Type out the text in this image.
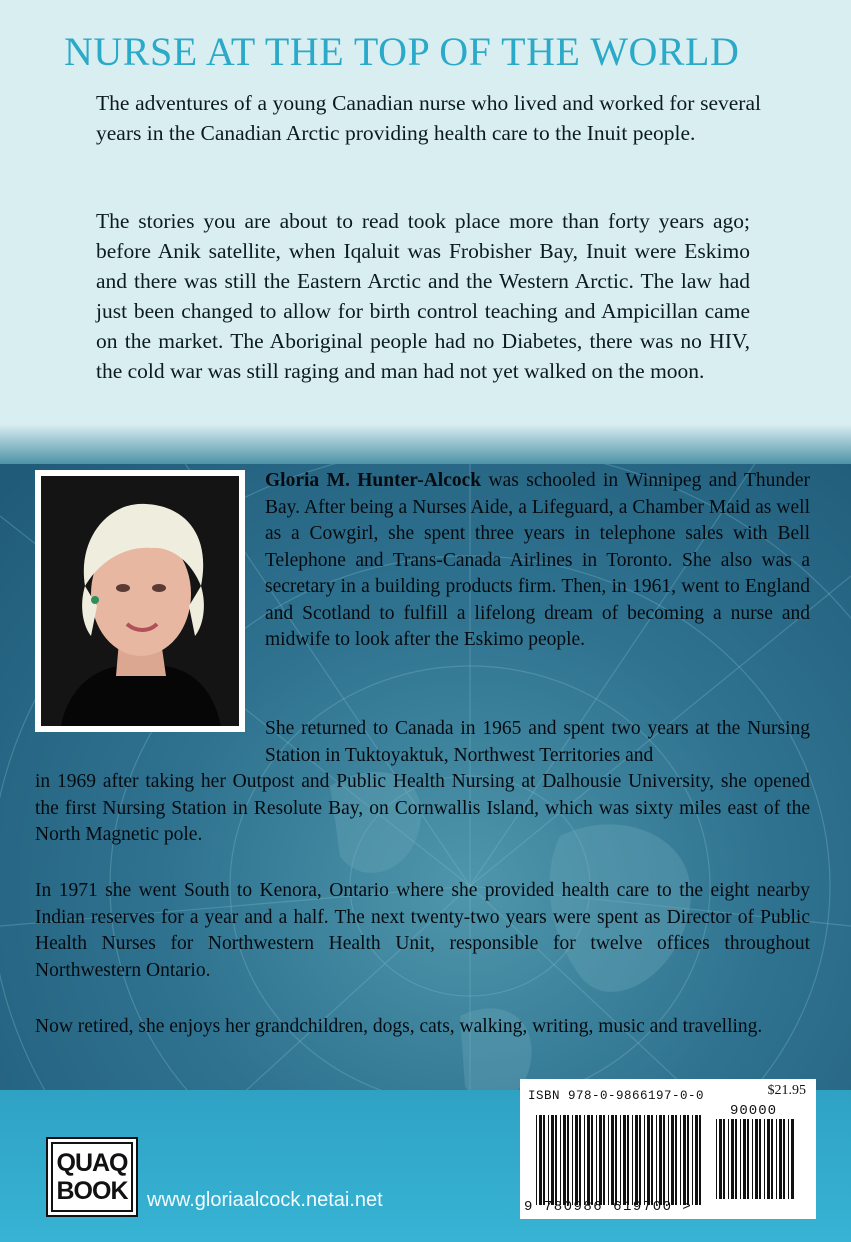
NURSE AT THE TOP OF THE WORLD

The adventures of a young Canadian nurse who lived and worked for several years in the Canadian Arctic providing health care to the Inuit people.

The stories you are about to read took place more than forty years ago; before Anik satellite, when Iqaluit was Frobisher Bay, Inuit were Eskimo and there was still the Eastern Arctic and the Western Arctic. The law had just been changed to allow for birth control teaching and Ampicillan came on the market. The Aboriginal people had no Diabetes, there was no HIV, the cold war was still raging and man had not yet walked on the moon.

Gloria M. Hunter-Alcock was schooled in Winnipeg and Thunder Bay. After being a Nurses Aide, a Lifeguard, a Chamber Maid as well as a Cowgirl, she spent three years in telephone sales with Bell Telephone and Trans-Canada Airlines in Toronto. She also was a secretary in a building products firm. Then, in 1961, went to England and Scotland to fulfill a lifelong dream of becoming a nurse and midwife to look after the Eskimo people.

She returned to Canada in 1965 and spent two years at the Nursing Station in Tuktoyaktuk, Northwest Territories and

in 1969 after taking her Outpost and Public Health Nursing at Dalhousie University, she opened the first Nursing Station in Resolute Bay, on Cornwallis Island, which was sixty miles east of the North Magnetic pole.

In 1971 she went South to Kenora, Ontario where she provided health care to the eight nearby Indian reserves for a year and a half. The next twenty-two years were spent as Director of Public Health Nurses for Northwestern Health Unit, responsible for twelve offices throughout Northwestern Ontario.

Now retired, she enjoys her grandchildren, dogs, cats, walking, writing, music and travelling.

QUAQ
BOOK www.gloriaalcock.netai.net
ISBN 978-0-9866197-0-0	$21.95
90000
9 780986 619700 >
